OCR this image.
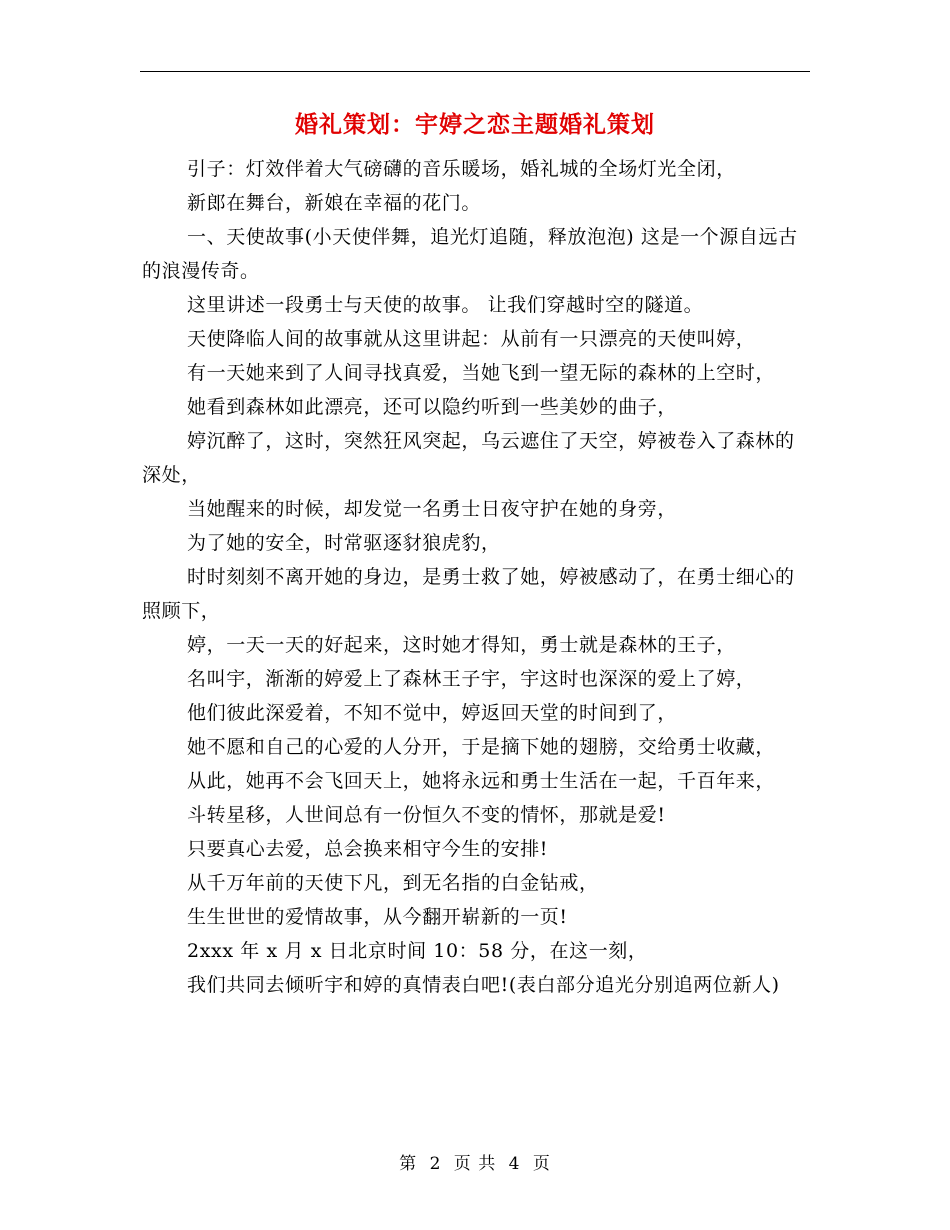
婚礼策划：宇婷之恋主题婚礼策划

引子：灯效伴着大气磅礴的音乐暖场，婚礼城的全场灯光全闭，

新郎在舞台，新娘在幸福的花门。

一、天使故事(小天使伴舞，追光灯追随，释放泡泡) 这是一个源自远古的浪漫传奇。

这里讲述一段勇士与天使的故事。 让我们穿越时空的隧道。

天使降临人间的故事就从这里讲起：从前有一只漂亮的天使叫婷，

有一天她来到了人间寻找真爱，当她飞到一望无际的森林的上空时，

她看到森林如此漂亮，还可以隐约听到一些美妙的曲子，

婷沉醉了，这时，突然狂风突起，乌云遮住了天空，婷被卷入了森林的深处，

当她醒来的时候，却发觉一名勇士日夜守护在她的身旁，

为了她的安全，时常驱逐豺狼虎豹，

时时刻刻不离开她的身边，是勇士救了她，婷被感动了，在勇士细心的照顾下，

婷，一天一天的好起来，这时她才得知，勇士就是森林的王子，

名叫宇，渐渐的婷爱上了森林王子宇，宇这时也深深的爱上了婷，

他们彼此深爱着，不知不觉中，婷返回天堂的时间到了，

她不愿和自己的心爱的人分开，于是摘下她的翅膀，交给勇士收藏，

从此，她再不会飞回天上，她将永远和勇士生活在一起，千百年来，

斗转星移，人世间总有一份恒久不变的情怀，那就是爱!

只要真心去爱，总会换来相守今生的安排!

从千万年前的天使下凡，到无名指的白金钻戒，

生生世世的爱情故事，从今翻开崭新的一页!

2xxx 年 x 月 x 日北京时间 10：58 分，在这一刻，

我们共同去倾听宇和婷的真情表白吧!(表白部分追光分别追两位新人)

第 2 页 共 4 页
